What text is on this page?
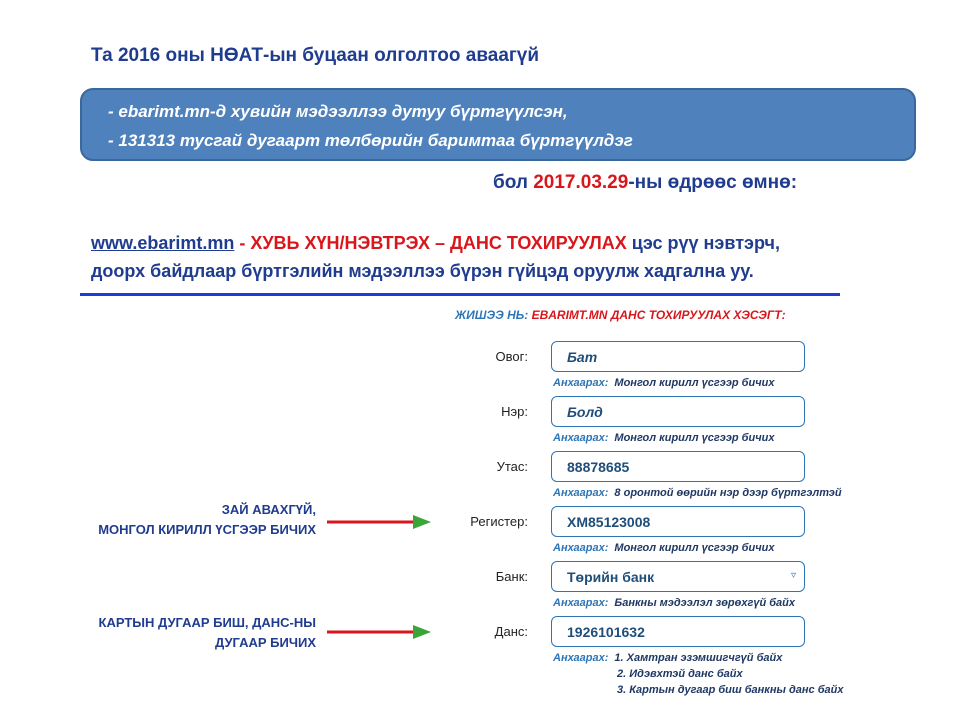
Та 2016 оны НӨАТ-ын буцаан олголтоо аваагүй
- ebarimt.mn-д хувийн мэдээллээ дутуу бүртгүүлсэн,
- 131313 тусгай дугаарт төлбөрийн баримтаа бүртгүүлдэг
бол 2017.03.29-ны өдрөөс өмнө:
www.ebarimt.mn - ХУВЬ ХҮН/НЭВТРЭХ – ДАНС ТОХИРУУЛАХ цэс рүү нэвтэрч,
доорх байдлаар бүртгэлийн мэдээллээ бүрэн гүйцэд оруулж хадгална уу.
ЖИШЭЭ НЬ: EBARIMT.MN ДАНС ТОХИРУУЛАХ ХЭСЭГТ:
Овог:	Бат
Анхаарах: Монгол кирилл үсгээр бичих
Нэр:	Болд
Анхаарах: Монгол кирилл үсгээр бичих
Утас:	88878685
Анхаарах: 8 оронтой өөрийн нэр дээр бүртгэлтэй
Регистер:	ХМ85123008
Анхаарах: Монгол кирилл үсгээр бичих
Банк:	Төрийн банк	▿
Анхаарах: Банкны мэдээлэл зөрөхгүй байх
Данс:	1926101632
Анхаарах: 1. Хамтран эзэмшигчгүй байх
2. Идэвхтэй данс байх
3. Картын дугаар биш банкны данс байх
ЗАЙ АВАХГҮЙ,
МОНГОЛ КИРИЛЛ ҮСГЭЭР БИЧИХ
КАРТЫН ДУГААР БИШ, ДАНС-НЫ
ДУГААР БИЧИХ
